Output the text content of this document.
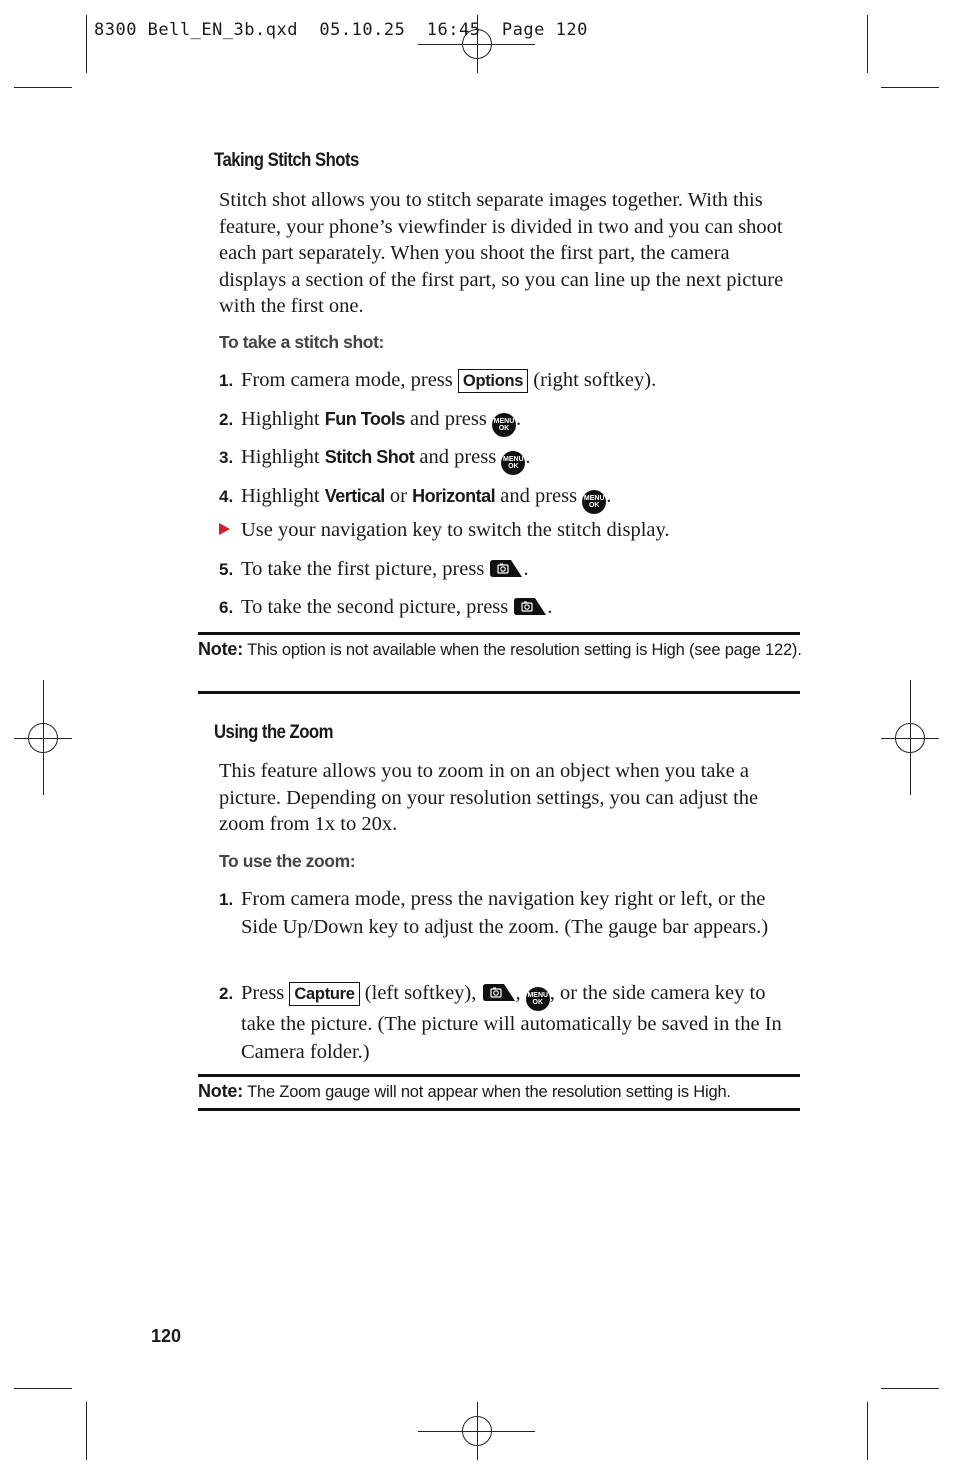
8300 Bell_EN_3b.qxd  05.10.25  16:45  Page 120
Taking Stitch Shots
Stitch shot allows you to stitch separate images together. With this feature, your phone’s viewfinder is divided in two and you can shoot each part separately. When you shoot the first part, the camera displays a section of the first part, so you can line up the next picture with the first one.
To take a stitch shot:
1. From camera mode, press Options (right softkey).
2. Highlight Fun Tools and press MENU
OK .
3. Highlight Stitch Shot and press MENU
OK .
4. Highlight Vertical or Horizontal and press MENU
OK .
Use your navigation key to switch the stitch display.
5. To take the first picture, press .
6. To take the second picture, press .
Note: This option is not available when the resolution setting is High (see page 122).
Using the Zoom
This feature allows you to zoom in on an object when you take a picture. Depending on your resolution settings, you can adjust the zoom from 1x to 20x.
To use the zoom:
1. From camera mode, press the navigation key right or left, or the Side Up/Down key to adjust the zoom. (The gauge bar appears.)
2. Press Capture (left softkey), , MENU
OK , or the side camera key to take the picture. (The picture will automatically be saved in the In Camera folder.)
Note: The Zoom gauge will not appear when the resolution setting is High.
120
